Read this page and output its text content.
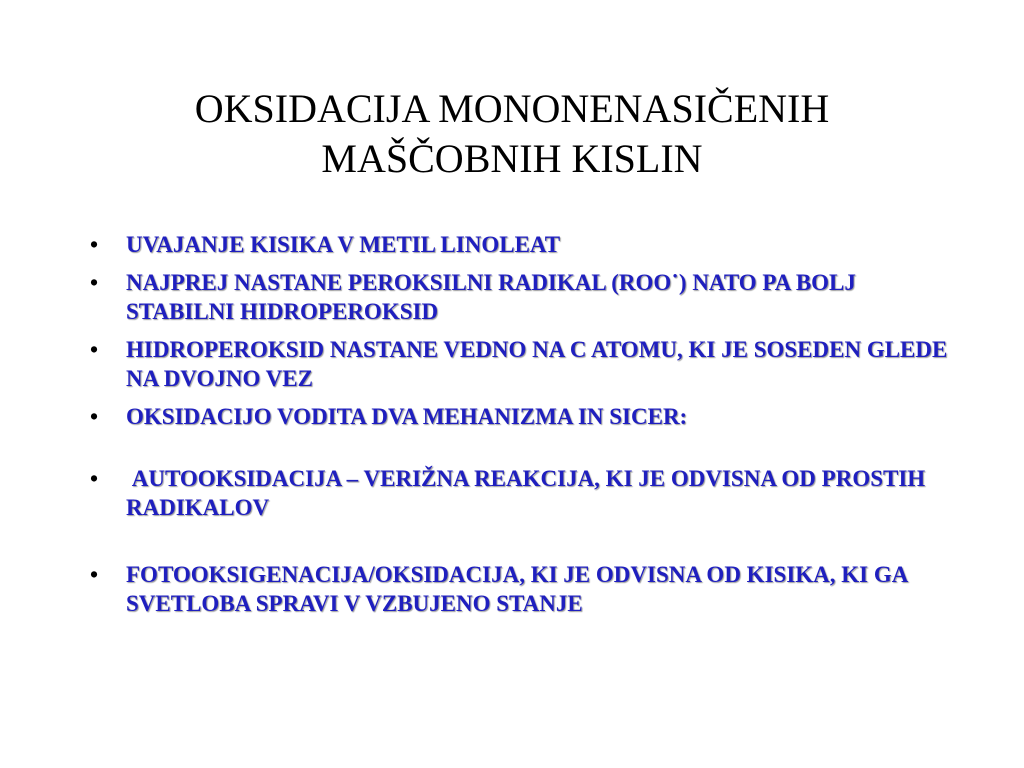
OKSIDACIJA MONONENASIČENIH
MAŠČOBNIH KISLIN
• UVAJANJE KISIKA V METIL LINOLEAT
• NAJPREJ NASTANE PEROKSILNI RADIKAL (ROO˙) NATO PA BOLJ STABILNI HIDROPEROKSID
• HIDROPEROKSID NASTANE VEDNO NA C ATOMU, KI JE SOSEDEN GLEDE NA DVOJNO VEZ
• OKSIDACIJO VODITA DVA MEHANIZMA IN SICER:
• AUTOOKSIDACIJA – VERIŽNA REAKCIJA, KI JE ODVISNA OD PROSTIH RADIKALOV
• FOTOOKSIGENACIJA/OKSIDACIJA, KI JE ODVISNA OD KISIKA, KI GA SVETLOBA SPRAVI V VZBUJENO STANJE
